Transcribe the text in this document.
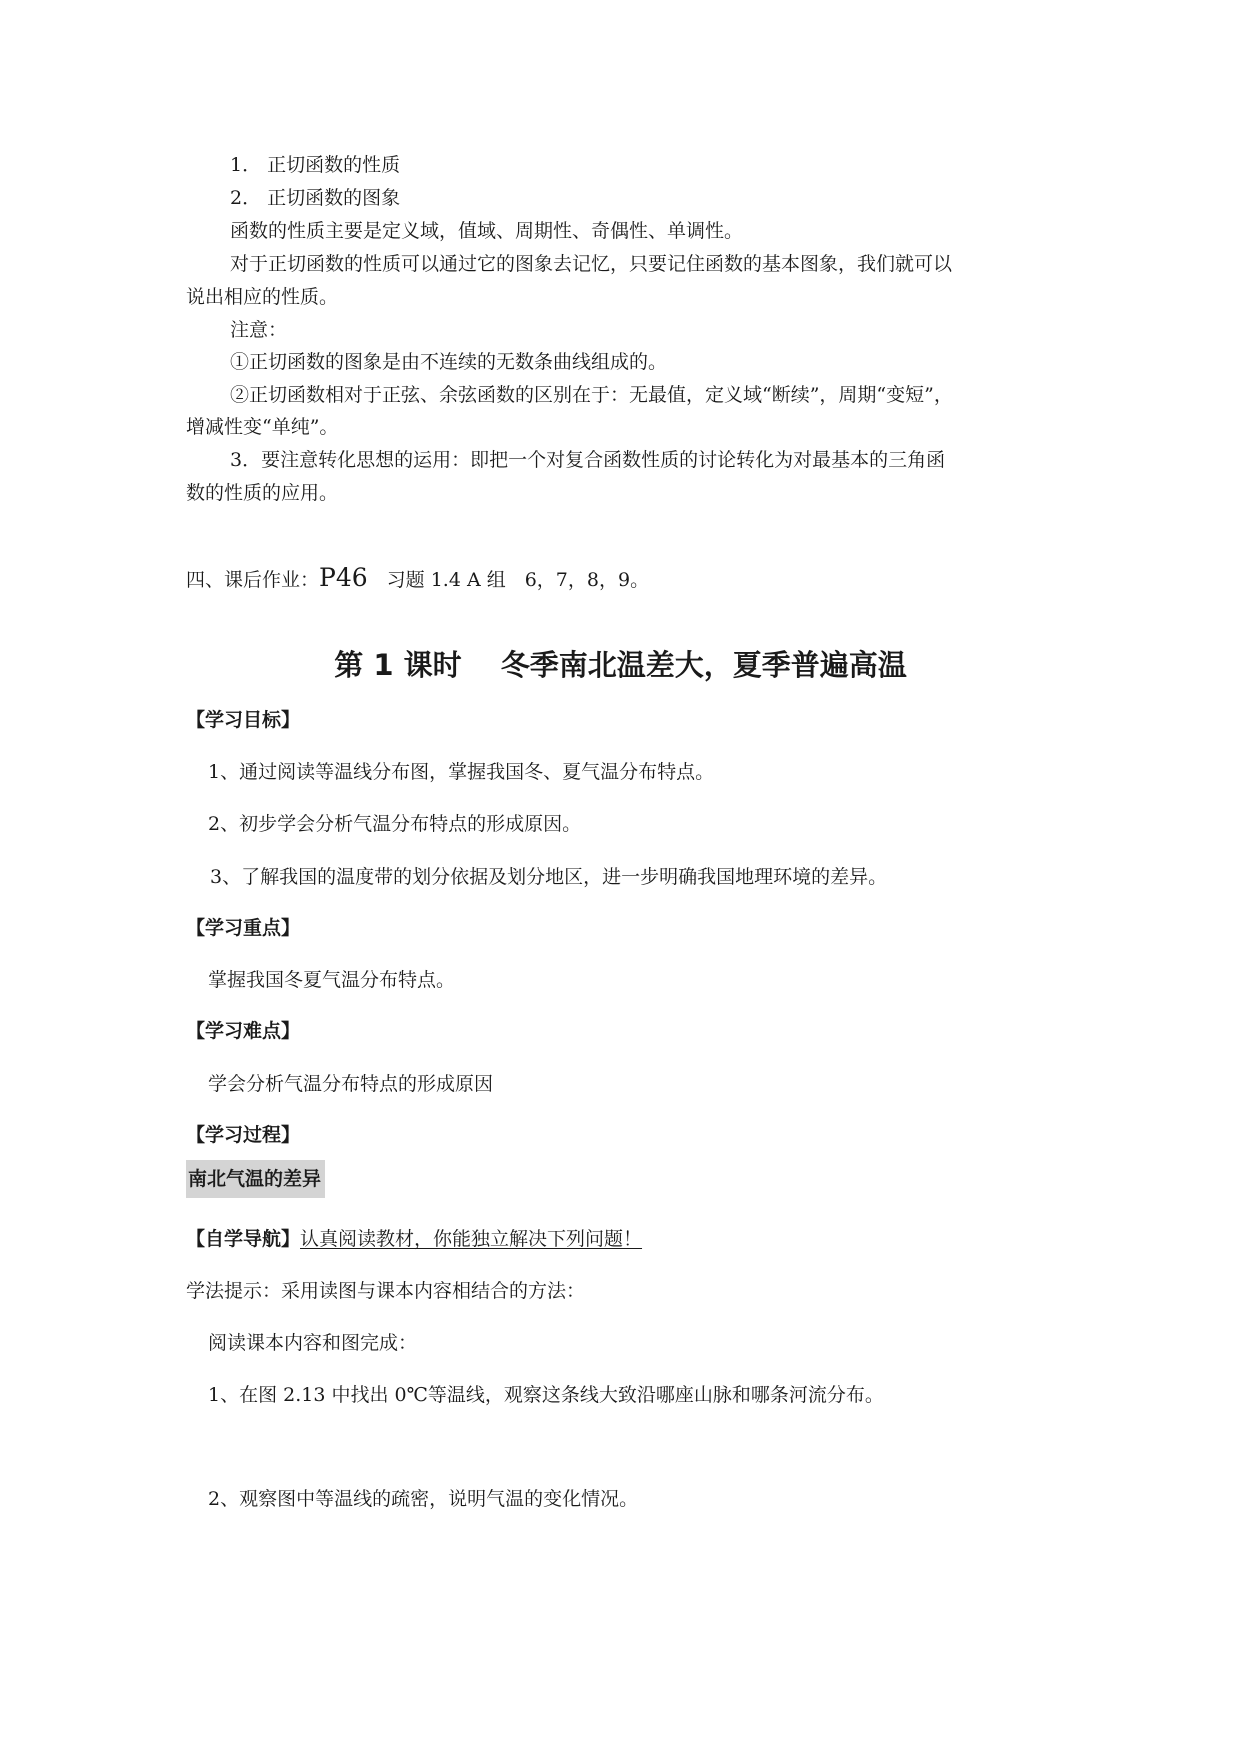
1． 正切函数的性质
2． 正切函数的图象
函数的性质主要是定义域，值域、周期性、奇偶性、单调性。
对于正切函数的性质可以通过它的图象去记忆，只要记住函数的基本图象，我们就可以
说出相应的性质。
注意：
①正切函数的图象是由不连续的无数条曲线组成的。
②正切函数相对于正弦、余弦函数的区别在于：无最值，定义域“断续”，周期“变短”，
增减性变“单纯”。
3．要注意转化思想的运用：即把一个对复合函数性质的讨论转化为对最基本的三角函
数的性质的应用。
四、课后作业：P46　习题 1.4 A 组　6，7，8，9。
第 1 课时　 冬季南北温差大，夏季普遍高温
【学习目标】
1、通过阅读等温线分布图，掌握我国冬、夏气温分布特点。
2、初步学会分析气温分布特点的形成原因。
3、了解我国的温度带的划分依据及划分地区，进一步明确我国地理环境的差异。
【学习重点】
掌握我国冬夏气温分布特点。
【学习难点】
学会分析气温分布特点的形成原因
【学习过程】
南北气温的差异
【自学导航】认真阅读教材，你能独立解决下列问题！
学法提示：采用读图与课本内容相结合的方法：
阅读课本内容和图完成：
1、在图 2.13 中找出 0℃等温线，观察这条线大致沿哪座山脉和哪条河流分布。
2、观察图中等温线的疏密，说明气温的变化情况。
